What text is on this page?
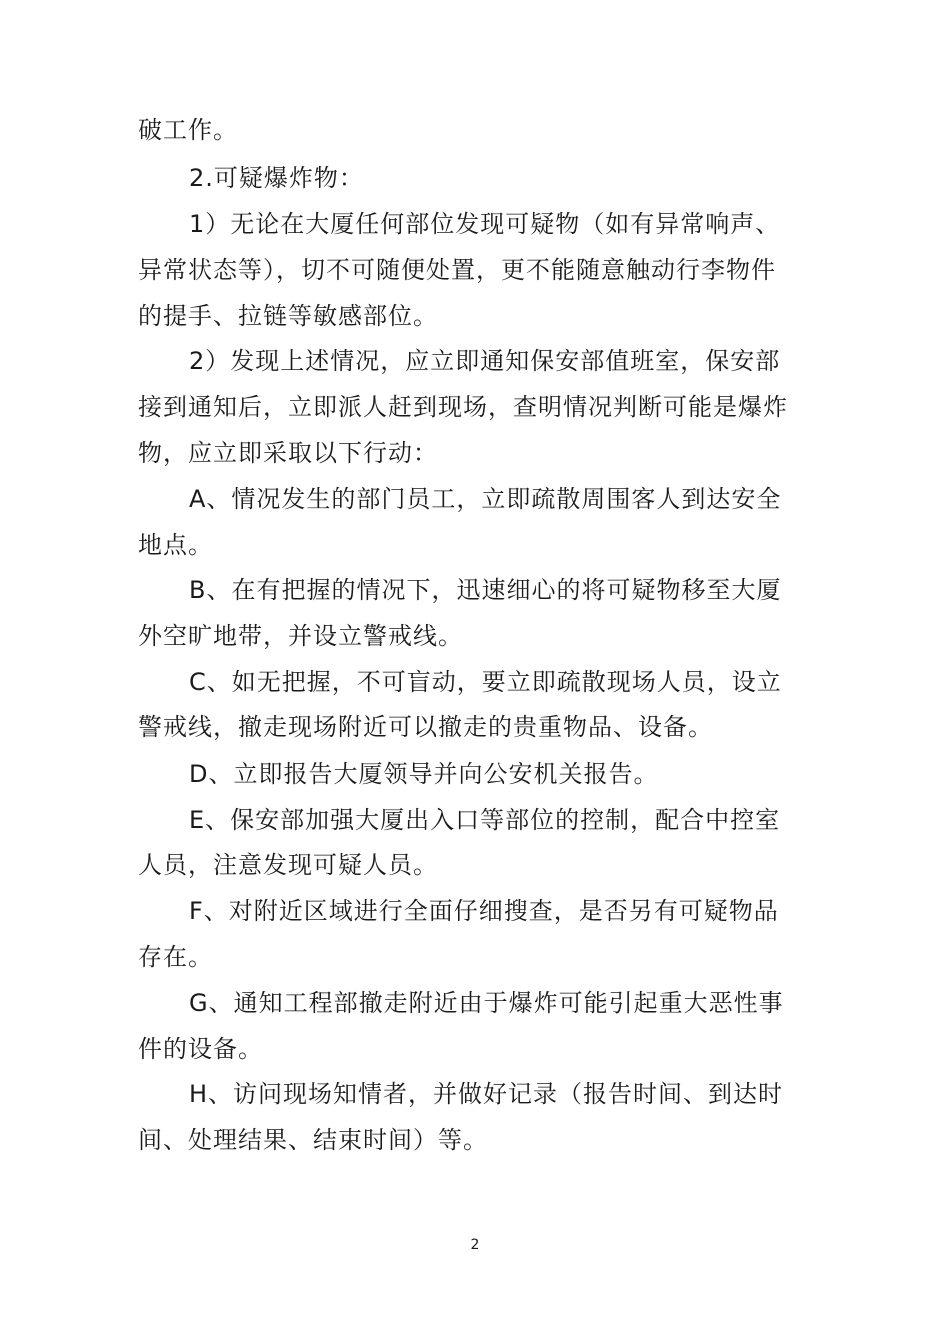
破工作。
2.可疑爆炸物：
1）无论在大厦任何部位发现可疑物（如有异常响声、
异常状态等），切不可随便处置，更不能随意触动行李物件
的提手、拉链等敏感部位。
2）发现上述情况，应立即通知保安部值班室，保安部
接到通知后，立即派人赶到现场，查明情况判断可能是爆炸
物，应立即采取以下行动：
A、情况发生的部门员工，立即疏散周围客人到达安全
地点。
B、在有把握的情况下，迅速细心的将可疑物移至大厦
外空旷地带，并设立警戒线。
C、如无把握，不可盲动，要立即疏散现场人员，设立
警戒线，撤走现场附近可以撤走的贵重物品、设备。
D、立即报告大厦领导并向公安机关报告。
E、保安部加强大厦出入口等部位的控制，配合中控室
人员，注意发现可疑人员。
F、对附近区域进行全面仔细搜查，是否另有可疑物品
存在。
G、通知工程部撤走附近由于爆炸可能引起重大恶性事
件的设备。
H、访问现场知情者，并做好记录（报告时间、到达时
间、处理结果、结束时间）等。
2
